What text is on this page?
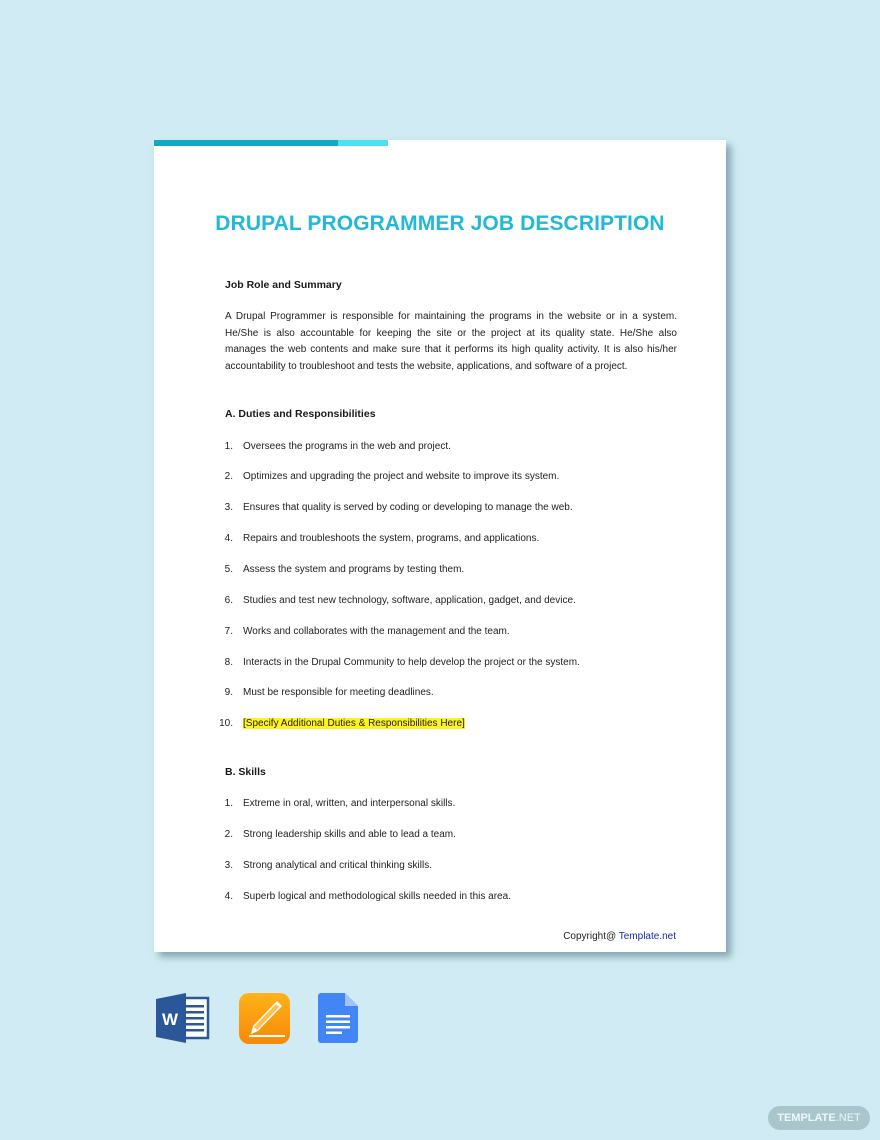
DRUPAL PROGRAMMER JOB DESCRIPTION
Job Role and Summary
A Drupal Programmer is responsible for maintaining the programs in the website or in a system. He/She is also accountable for keeping the site or the project at its quality state. He/She also manages the web contents and make sure that it performs its high quality activity. It is also his/her accountability to troubleshoot and tests the website, applications, and software of a project.
A. Duties and Responsibilities
1. Oversees the programs in the web and project.
2. Optimizes and upgrading the project and website to improve its system.
3. Ensures that quality is served by coding or developing to manage the web.
4. Repairs and troubleshoots the system, programs, and applications.
5. Assess the system and programs by testing them.
6. Studies and test new technology, software, application, gadget, and device.
7. Works and collaborates with the management and the team.
8. Interacts in the Drupal Community to help develop the project or the system.
9. Must be responsible for meeting deadlines.
10. [Specify Additional Duties & Responsibilities Here]
B. Skills
1. Extreme in oral, written, and interpersonal skills.
2. Strong leadership skills and able to lead a team.
3. Strong analytical and critical thinking skills.
4. Superb logical and methodological skills needed in this area.
Copyright@ Template.net
W
TEMPLATE.NET
